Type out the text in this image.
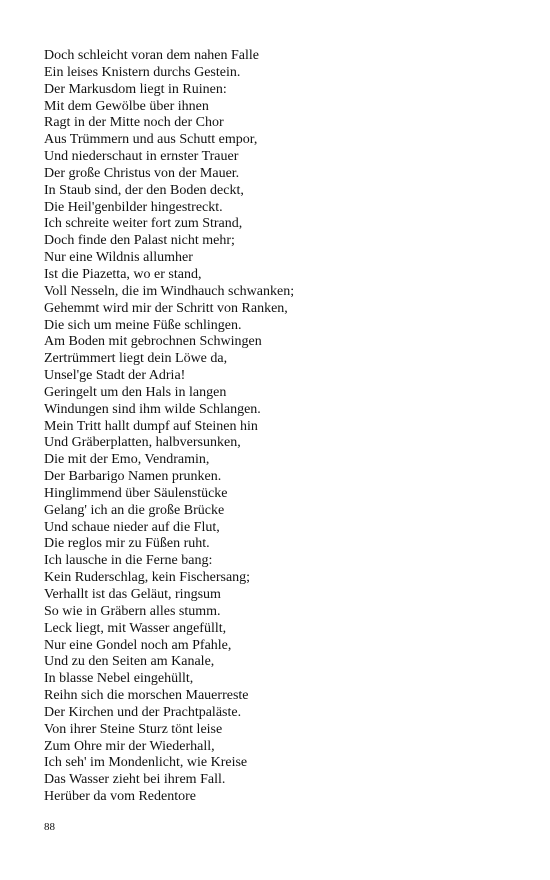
Doch schleicht voran dem nahen Falle
Ein leises Knistern durchs Gestein.
Der Markusdom liegt in Ruinen:
Mit dem Gewölbe über ihnen
Ragt in der Mitte noch der Chor
Aus Trümmern und aus Schutt empor,
Und niederschaut in ernster Trauer
Der große Christus von der Mauer.
In Staub sind, der den Boden deckt,
Die Heil'genbilder hingestreckt.
Ich schreite weiter fort zum Strand,
Doch finde den Palast nicht mehr;
Nur eine Wildnis allumher
Ist die Piazetta, wo er stand,
Voll Nesseln, die im Windhauch schwanken;
Gehemmt wird mir der Schritt von Ranken,
Die sich um meine Füße schlingen.
Am Boden mit gebrochnen Schwingen
Zertrümmert liegt dein Löwe da,
Unsel'ge Stadt der Adria!
Geringelt um den Hals in langen
Windungen sind ihm wilde Schlangen.
Mein Tritt hallt dumpf auf Steinen hin
Und Gräberplatten, halbversunken,
Die mit der Emo, Vendramin,
Der Barbarigo Namen prunken.
Hinglimmend über Säulenstücke
Gelang' ich an die große Brücke
Und schaue nieder auf die Flut,
Die reglos mir zu Füßen ruht.
Ich lausche in die Ferne bang:
Kein Ruderschlag, kein Fischersang;
Verhallt ist das Geläut, ringsum
So wie in Gräbern alles stumm.
Leck liegt, mit Wasser angefüllt,
Nur eine Gondel noch am Pfahle,
Und zu den Seiten am Kanale,
In blasse Nebel eingehüllt,
Reihn sich die morschen Mauerreste
Der Kirchen und der Prachtpaläste.
Von ihrer Steine Sturz tönt leise
Zum Ohre mir der Wiederhall,
Ich seh' im Mondenlicht, wie Kreise
Das Wasser zieht bei ihrem Fall.
Herüber da vom Redentore
88
